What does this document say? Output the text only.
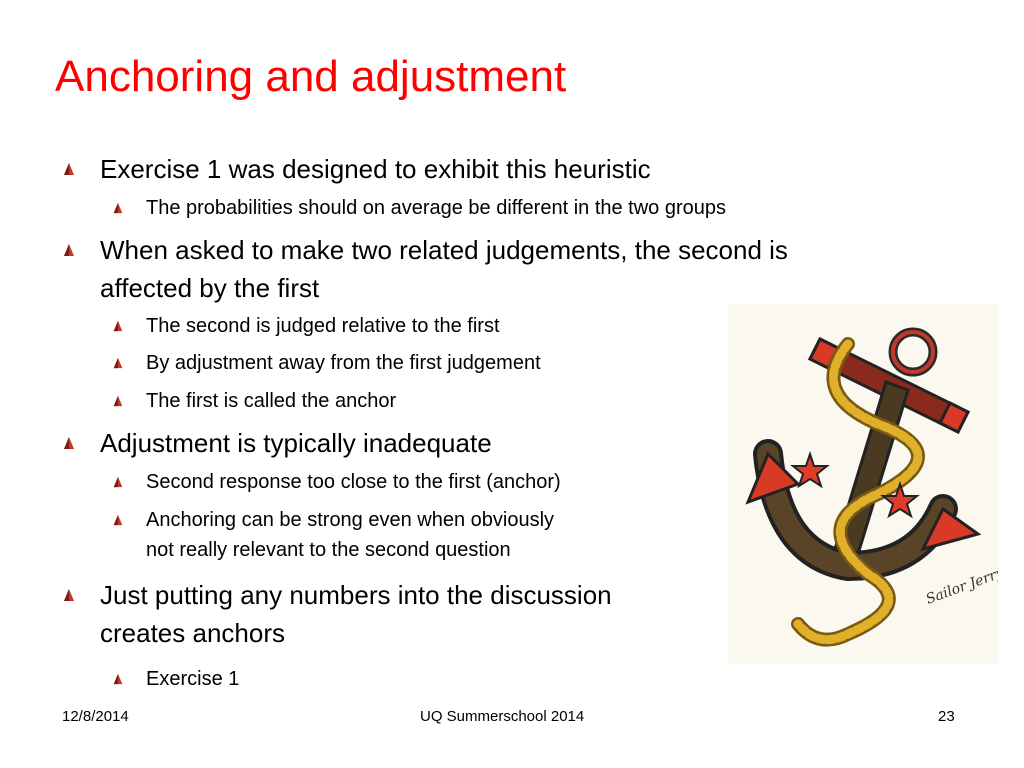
Anchoring and adjustment
Exercise 1 was designed to exhibit this heuristic
The probabilities should on average be different in the two groups
When asked to make two related judgements, the second is
affected by the first
The second is judged relative to the first
By adjustment away from the first judgement
The first is called the anchor
Adjustment is typically inadequate
Second response too close to the first (anchor)
Anchoring can be strong even when obviously
not really relevant to the second question
Just putting any numbers into the discussion
creates anchors
Exercise 1
Sailor Jerry
12/8/2014	UQ Summerschool 2014	23
